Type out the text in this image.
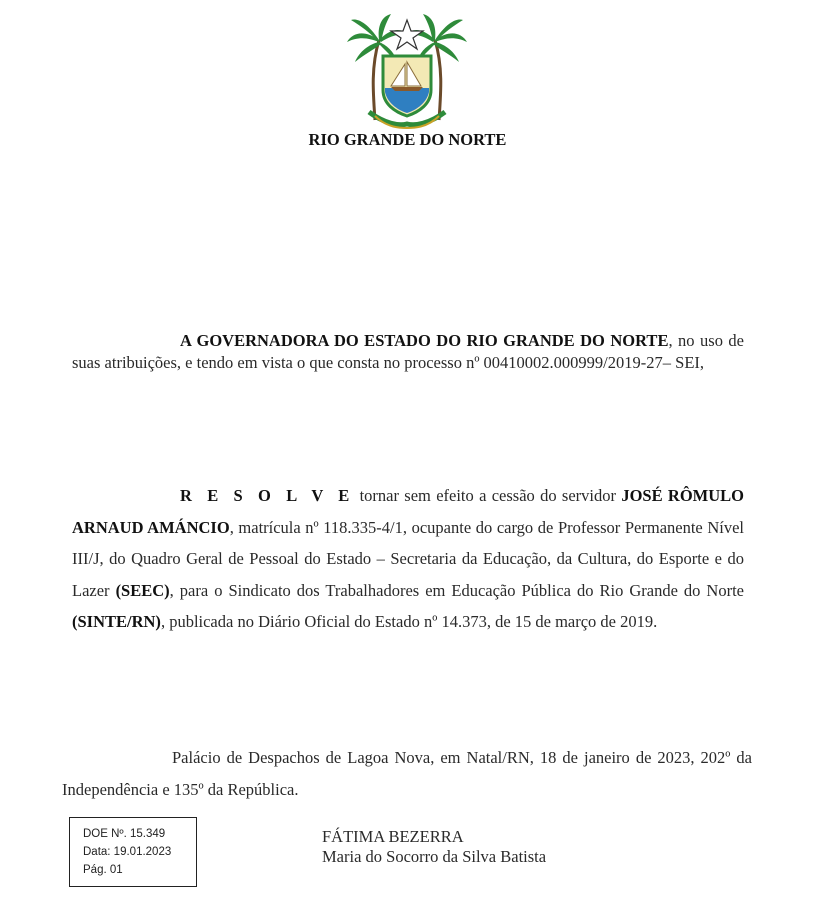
RIO GRANDE DO NORTE
A GOVERNADORA DO ESTADO DO RIO GRANDE DO NORTE, no uso de suas atribuições, e tendo em vista o que consta no processo nº 00410002.000999/2019-27– SEI,
R E S O L V E tornar sem efeito a cessão do servidor JOSÉ RÔMULO ARNAUD AMÁNCIO, matrícula nº 118.335-4/1, ocupante do cargo de Professor Permanente Nível III/J, do Quadro Geral de Pessoal do Estado – Secretaria da Educação, da Cultura, do Esporte e do Lazer (SEEC), para o Sindicato dos Trabalhadores em Educação Pública do Rio Grande do Norte (SINTE/RN), publicada no Diário Oficial do Estado nº 14.373, de 15 de março de 2019.
Palácio de Despachos de Lagoa Nova, em Natal/RN, 18 de janeiro de 2023, 202º da Independência e 135º da República.
DOE Nº. 15.349
Data: 19.01.2023
Pág. 01
FÁTIMA BEZERRA
Maria do Socorro da Silva Batista
